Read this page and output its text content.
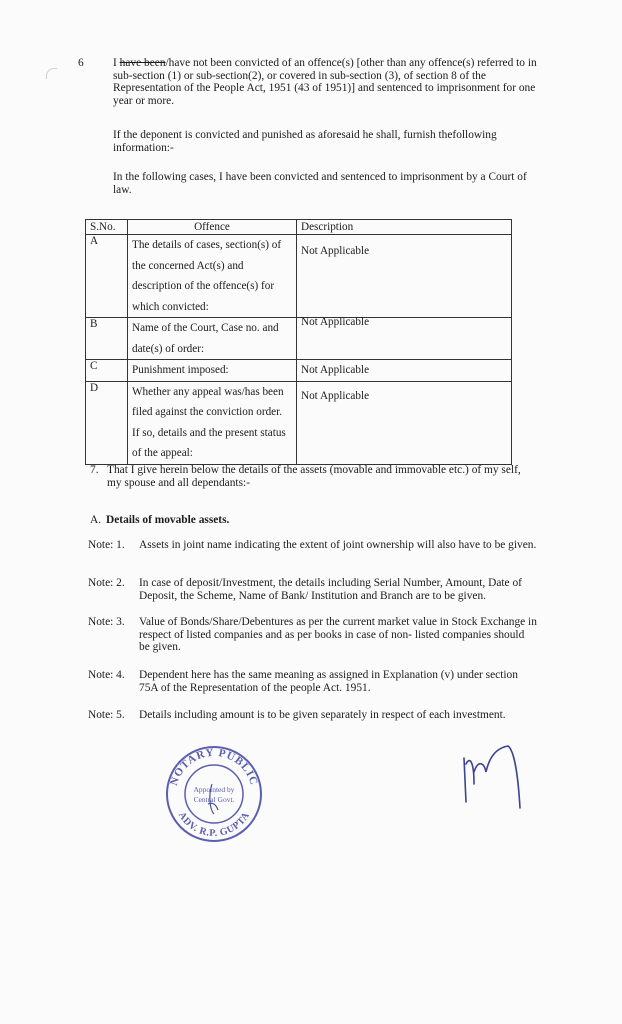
6	I have been/have not been convicted of an offence(s) [other than any offence(s) referred to in sub-section (1) or sub-section(2), or covered in sub-section (3), of section 8 of the Representation of the People Act, 1951 (43 of 1951)] and sentenced to imprisonment for one year or more.
If the deponent is convicted and punished as aforesaid he shall, furnish thefollowing information:-
In the following cases, I have been convicted and sentenced to imprisonment by a Court of law.
S.No.	Offence	Description
A	The details of cases, section(s) of the concerned Act(s) and description of the offence(s) for which convicted:	Not Applicable
B	Name of the Court, Case no. and date(s) of order:	Not Applicable

C	Punishment imposed:	Not Applicable
D	Whether any appeal was/has been filed against the conviction order. If so, details and the present status of the appeal:	Not Applicable
7. That I give herein below the details of the assets (movable and immovable etc.) of my self, my spouse and all dependants:-
A. Details of movable assets.
Note: 1.	Assets in joint name indicating the extent of joint ownership will also have to be given.
Note: 2.	In case of deposit/Investment, the details including Serial Number, Amount, Date of Deposit, the Scheme, Name of Bank/ Institution and Branch are to be given.
Note: 3.	Value of Bonds/Share/Debentures as per the current market value in Stock Exchange in respect of listed companies and as per books in case of non- listed companies should be given.
Note: 4.	Dependent here has the same meaning as assigned in Explanation (v) under section 75A of the Representation of the people Act. 1951.
Note: 5.	Details including amount is to be given separately in respect of each investment.
NOTARY PUBLIC
ADV. R.P. GUPTA
Appointed by
Central Govt.
